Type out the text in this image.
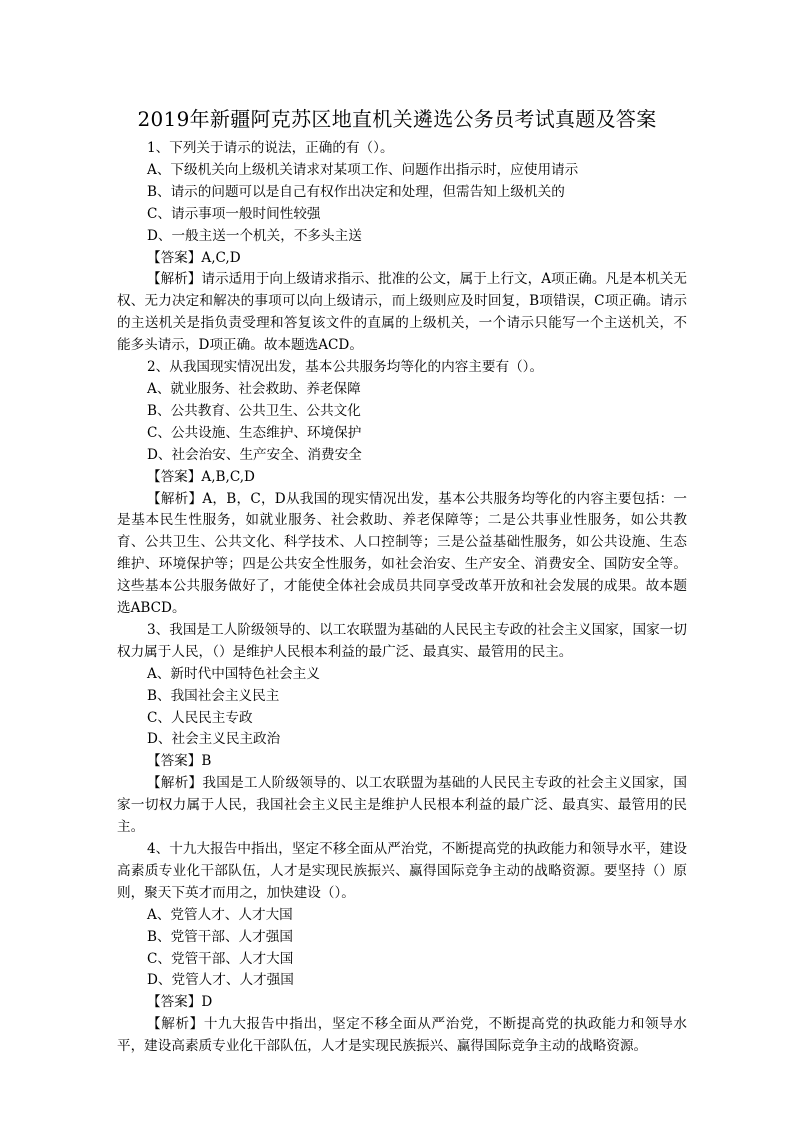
2019年新疆阿克苏区地直机关遴选公务员考试真题及答案

1、下列关于请示的说法，正确的有（）。

A、下级机关向上级机关请求对某项工作、问题作出指示时，应使用请示

B、请示的问题可以是自己有权作出决定和处理，但需告知上级机关的

C、请示事项一般时间性较强

D、一般主送一个机关，不多头主送

【答案】A,C,D

【解析】请示适用于向上级请求指示、批准的公文，属于上行文，A项正确。凡是本机关无权、无力决定和解决的事项可以向上级请示，而上级则应及时回复，B项错误，C项正确。请示的主送机关是指负责受理和答复该文件的直属的上级机关，一个请示只能写一个主送机关，不能多头请示，D项正确。故本题选ACD。

2、从我国现实情况出发，基本公共服务均等化的内容主要有（）。

A、就业服务、社会救助、养老保障

B、公共教育、公共卫生、公共文化

C、公共设施、生态维护、环境保护

D、社会治安、生产安全、消费安全

【答案】A,B,C,D

【解析】A，B，C，D从我国的现实情况出发，基本公共服务均等化的内容主要包括：一是基本民生性服务，如就业服务、社会救助、养老保障等；二是公共事业性服务，如公共教育、公共卫生、公共文化、科学技术、人口控制等；三是公益基础性服务，如公共设施、生态维护、环境保护等；四是公共安全性服务，如社会治安、生产安全、消费安全、国防安全等。这些基本公共服务做好了，才能使全体社会成员共同享受改革开放和社会发展的成果。故本题选ABCD。

3、我国是工人阶级领导的、以工农联盟为基础的人民民主专政的社会主义国家，国家一切权力属于人民，（）是维护人民根本利益的最广泛、最真实、最管用的民主。

A、新时代中国特色社会主义

B、我国社会主义民主

C、人民民主专政

D、社会主义民主政治

【答案】B

【解析】我国是工人阶级领导的、以工农联盟为基础的人民民主专政的社会主义国家，国家一切权力属于人民，我国社会主义民主是维护人民根本利益的最广泛、最真实、最管用的民主。

4、十九大报告中指出，坚定不移全面从严治党，不断提高党的执政能力和领导水平，建设高素质专业化干部队伍，人才是实现民族振兴、赢得国际竞争主动的战略资源。要坚持（）原则，聚天下英才而用之，加快建设（）。

A、党管人才、人才大国

B、党管干部、人才强国

C、党管干部、人才大国

D、党管人才、人才强国

【答案】D

【解析】十九大报告中指出，坚定不移全面从严治党，不断提高党的执政能力和领导水平，建设高素质专业化干部队伍，人才是实现民族振兴、赢得国际竞争主动的战略资源。
